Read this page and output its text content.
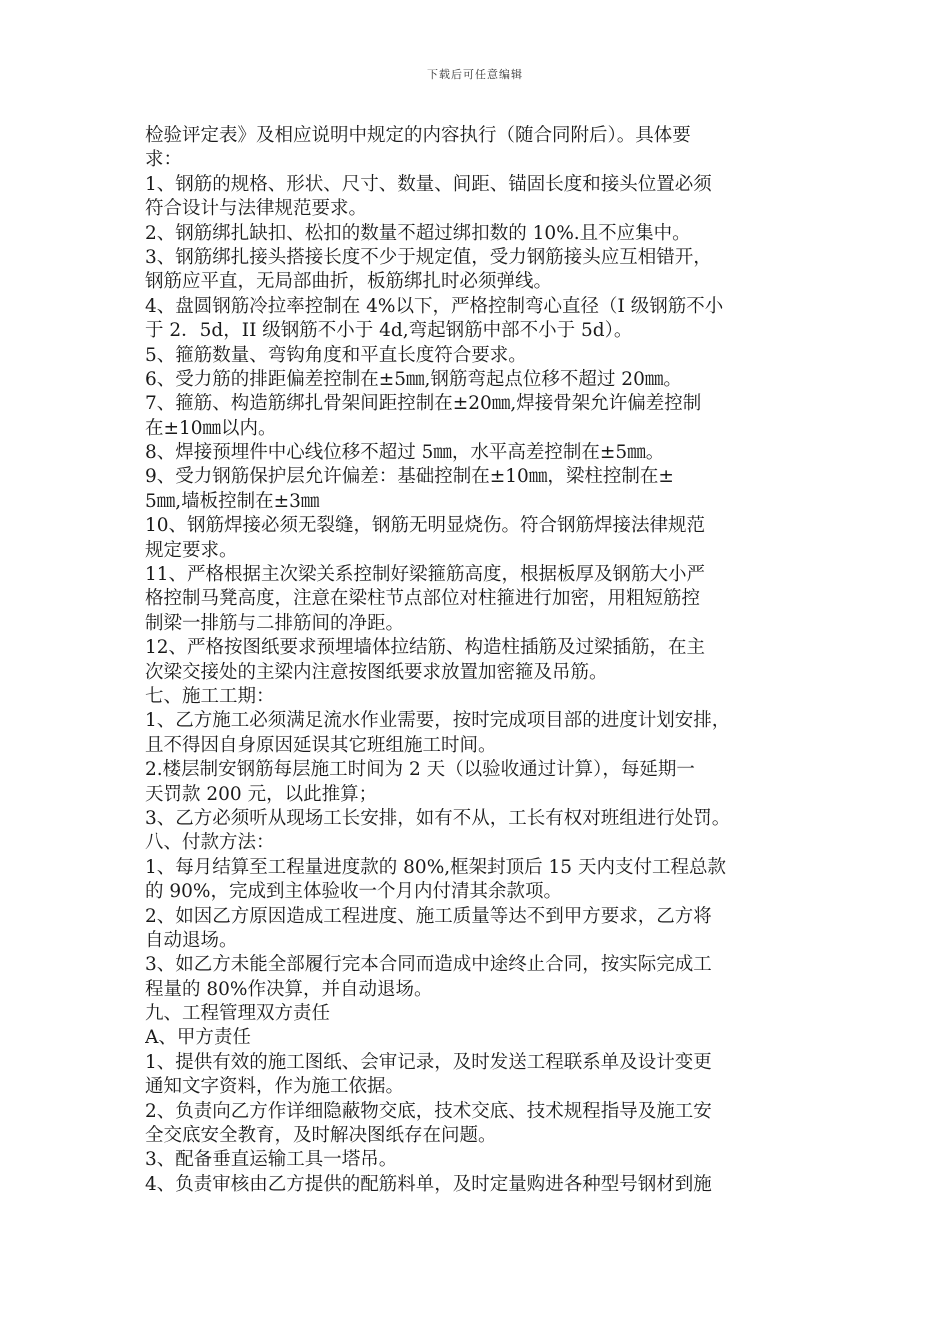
下载后可任意编辑
检验评定表》及相应说明中规定的内容执行（随合同附后）。具体要
求：
1、钢筋的规格、形状、尺寸、数量、间距、锚固长度和接头位置必须
符合设计与法律规范要求。
2、钢筋绑扎缺扣、松扣的数量不超过绑扣数的 10%.且不应集中。
3、钢筋绑扎接头搭接长度不少于规定值，受力钢筋接头应互相错开，
钢筋应平直，无局部曲折，板筋绑扎时必须弹线。
4、盘圆钢筋冷拉率控制在 4%以下，严格控制弯心直径（I 级钢筋不小
于 2．5d，II 级钢筋不小于 4d,弯起钢筋中部不小于 5d）。
5、箍筋数量、弯钩角度和平直长度符合要求。
6、受力筋的排距偏差控制在±5㎜,钢筋弯起点位移不超过 20㎜。
7、箍筋、构造筋绑扎骨架间距控制在±20㎜,焊接骨架允许偏差控制
在±10㎜以内。
8、焊接预埋件中心线位移不超过 5㎜，水平高差控制在±5㎜。
9、受力钢筋保护层允许偏差：基础控制在±10㎜，梁柱控制在±
5㎜,墙板控制在±3㎜
10、钢筋焊接必须无裂缝，钢筋无明显烧伤。符合钢筋焊接法律规范
规定要求。
11、严格根据主次梁关系控制好梁箍筋高度，根据板厚及钢筋大小严
格控制马凳高度，注意在梁柱节点部位对柱箍进行加密，用粗短筋控
制梁一排筋与二排筋间的净距。
12、严格按图纸要求预埋墙体拉结筋、构造柱插筋及过梁插筋，在主
次梁交接处的主梁内注意按图纸要求放置加密箍及吊筋。
七、施工工期：
1、乙方施工必须满足流水作业需要，按时完成项目部的进度计划安排，
且不得因自身原因延误其它班组施工时间。
2.楼层制安钢筋每层施工时间为 2 天（以验收通过计算），每延期一
天罚款 200 元，以此推算；
3、乙方必须听从现场工长安排，如有不从，工长有权对班组进行处罚。
八、付款方法：
1、每月结算至工程量进度款的 80%,框架封顶后 15 天内支付工程总款
的 90%，完成到主体验收一个月内付清其余款项。
2、如因乙方原因造成工程进度、施工质量等达不到甲方要求，乙方将
自动退场。
3、如乙方未能全部履行完本合同而造成中途终止合同，按实际完成工
程量的 80%作决算，并自动退场。
九、工程管理双方责任
A、甲方责任
1、提供有效的施工图纸、会审记录，及时发送工程联系单及设计变更
通知文字资料，作为施工依据。
2、负责向乙方作详细隐蔽物交底，技术交底、技术规程指导及施工安
全交底安全教育，及时解决图纸存在问题。
3、配备垂直运输工具一塔吊。
4、负责审核由乙方提供的配筋料单，及时定量购进各种型号钢材到施
